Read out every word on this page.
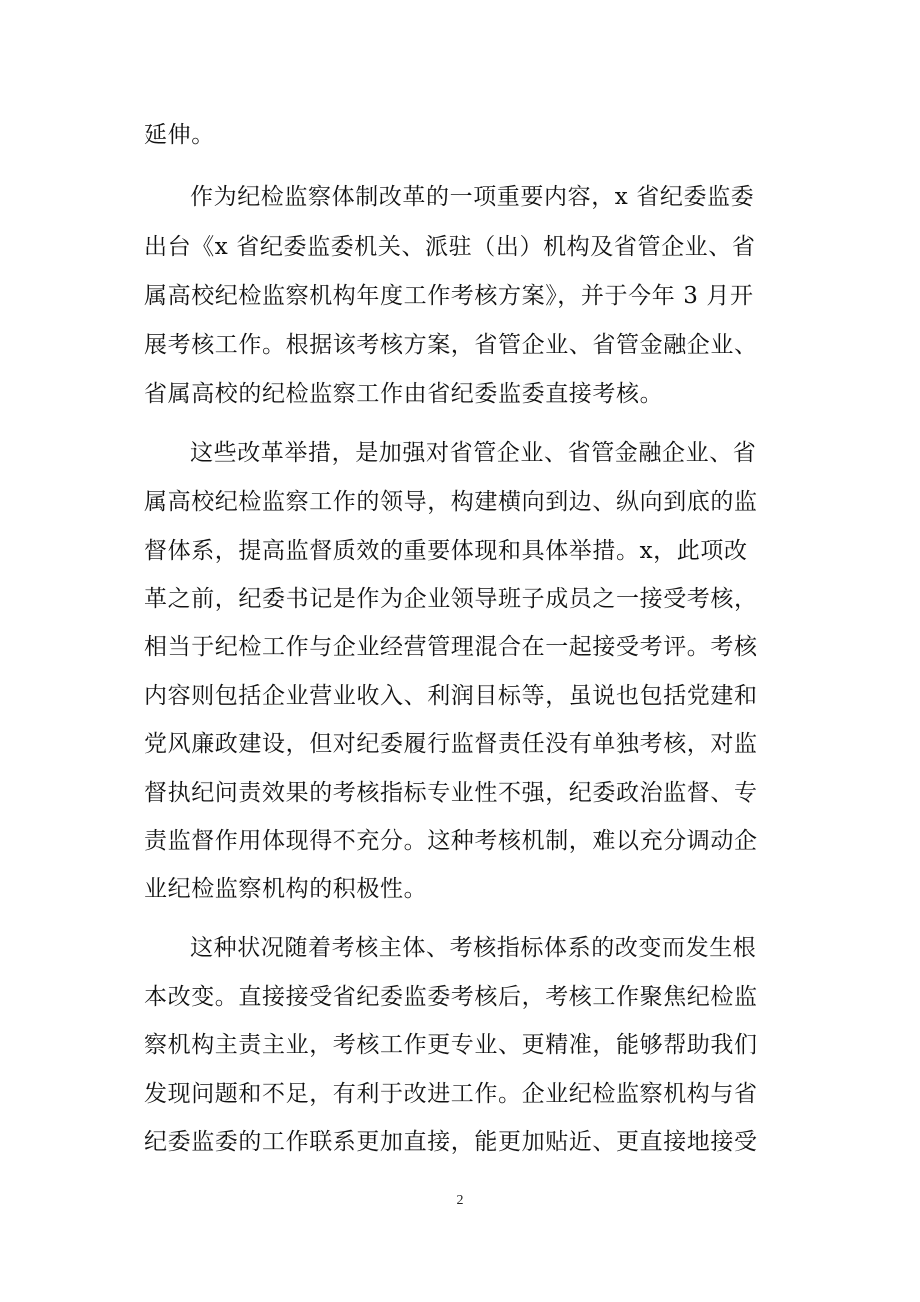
延伸。
作为纪检监察体制改革的一项重要内容，x 省纪委监委
出台《x 省纪委监委机关、派驻（出）机构及省管企业、省
属高校纪检监察机构年度工作考核方案》，并于今年 3 月开
展考核工作。根据该考核方案，省管企业、省管金融企业、
省属高校的纪检监察工作由省纪委监委直接考核。
这些改革举措，是加强对省管企业、省管金融企业、省
属高校纪检监察工作的领导，构建横向到边、纵向到底的监
督体系，提高监督质效的重要体现和具体举措。x，此项改
革之前，纪委书记是作为企业领导班子成员之一接受考核，
相当于纪检工作与企业经营管理混合在一起接受考评。考核
内容则包括企业营业收入、利润目标等，虽说也包括党建和
党风廉政建设，但对纪委履行监督责任没有单独考核，对监
督执纪问责效果的考核指标专业性不强，纪委政治监督、专
责监督作用体现得不充分。这种考核机制，难以充分调动企
业纪检监察机构的积极性。
这种状况随着考核主体、考核指标体系的改变而发生根
本改变。直接接受省纪委监委考核后，考核工作聚焦纪检监
察机构主责主业，考核工作更专业、更精准，能够帮助我们
发现问题和不足，有利于改进工作。企业纪检监察机构与省
纪委监委的工作联系更加直接，能更加贴近、更直接地接受
2
